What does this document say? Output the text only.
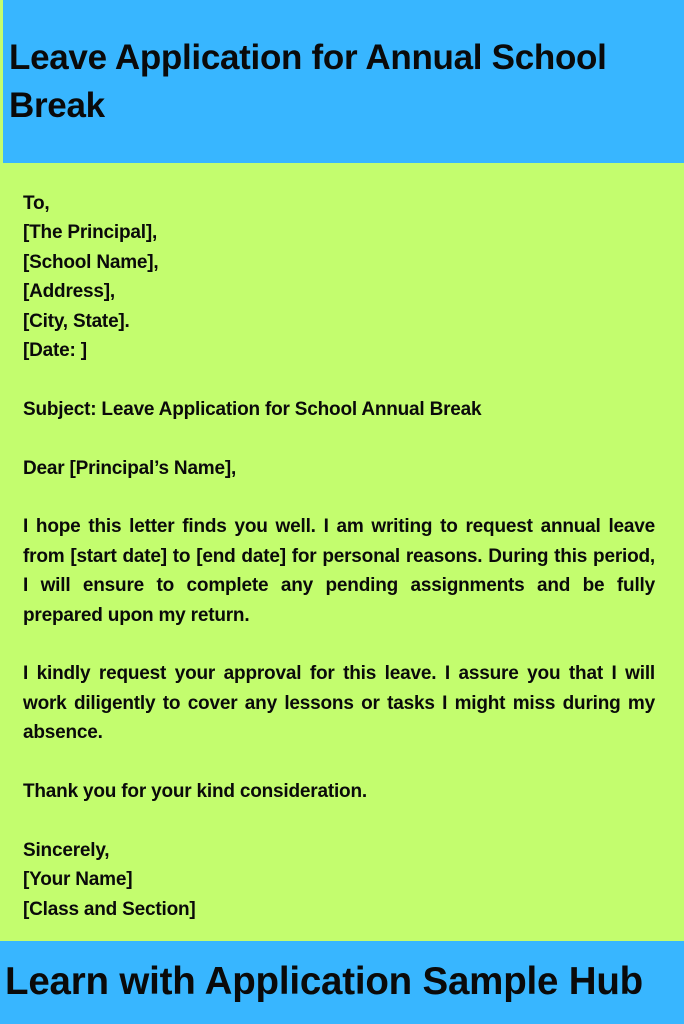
Leave Application for Annual School Break
To,
[The Principal],
[School Name],
[Address],
[City, State].
[Date: ]
Subject: Leave Application for School Annual Break
Dear [Principal’s Name],
I hope this letter finds you well. I am writing to request annual leave from [start date] to [end date] for personal reasons. During this period, I will ensure to complete any pending assignments and be fully prepared upon my return.
I kindly request your approval for this leave. I assure you that I will work diligently to cover any lessons or tasks I might miss during my absence.
Thank you for your kind consideration.
Sincerely,
[Your Name]
[Class and Section]
Learn with Application Sample Hub
